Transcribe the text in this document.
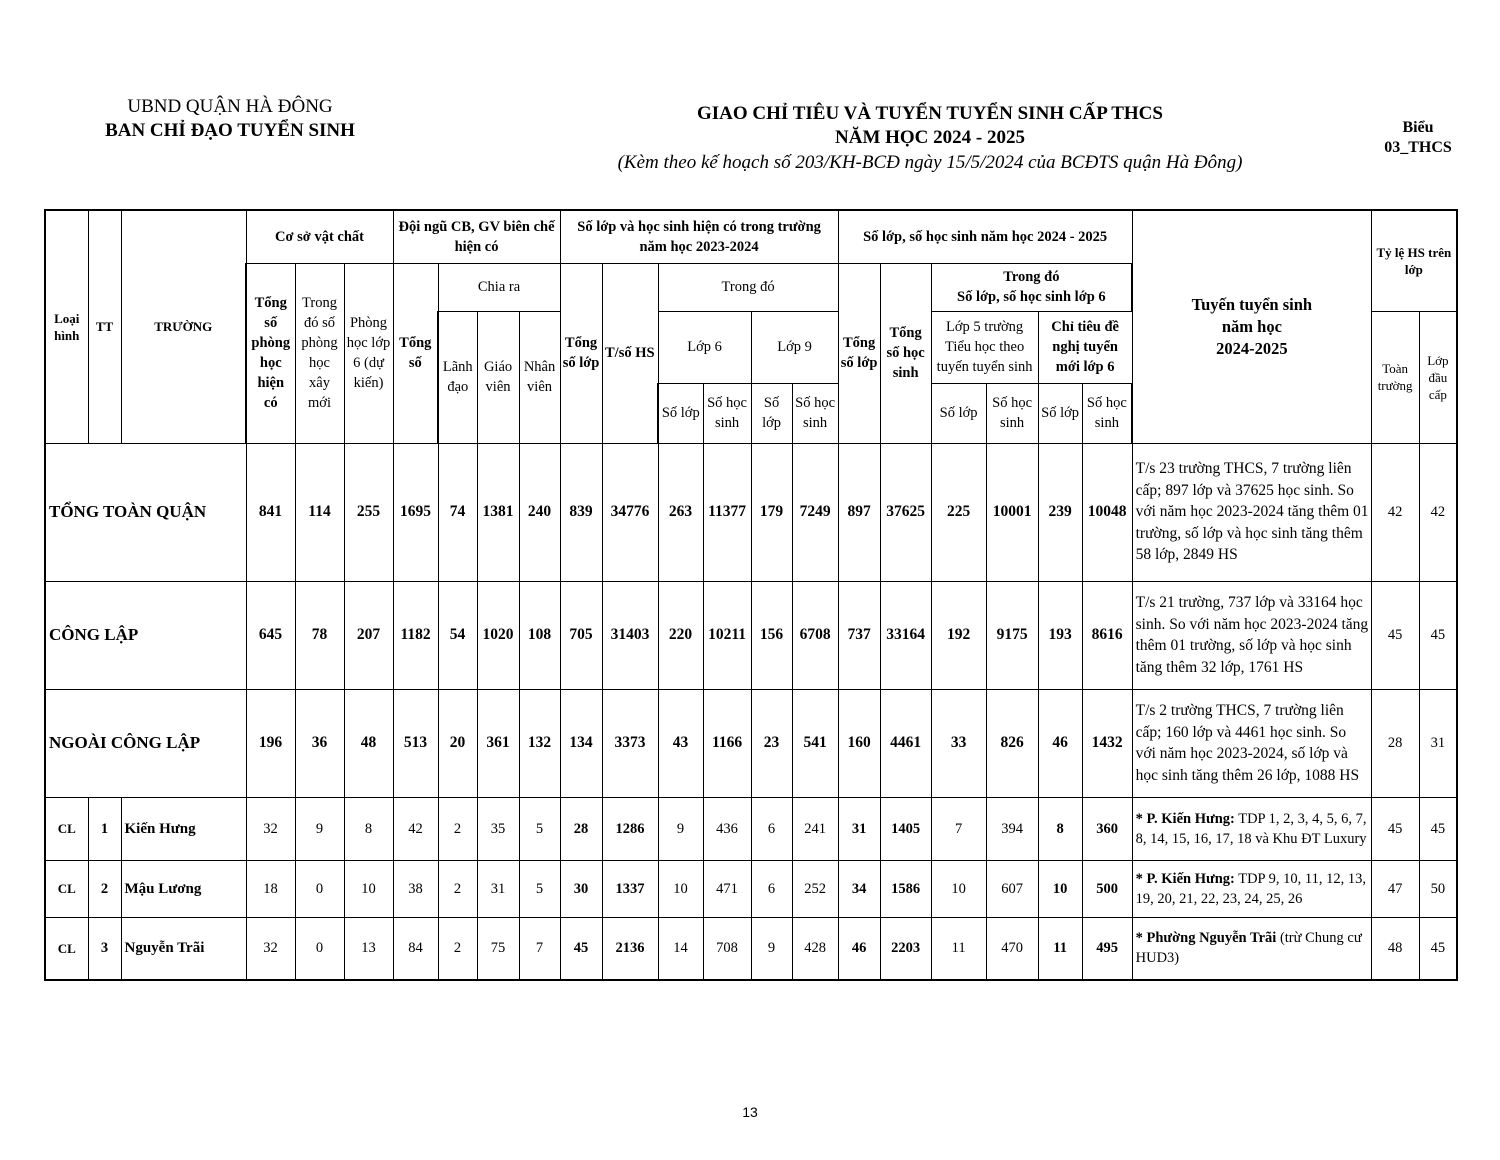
UBND QUẬN HÀ ĐÔNG
BAN CHỈ ĐẠO TUYỂN SINH
GIAO CHỈ TIÊU VÀ TUYỂN TUYỂN SINH CẤP THCS
NĂM HỌC 2024 - 2025
(Kèm theo kế hoạch số 203/KH-BCĐ ngày 15/5/2024 của BCĐTS quận Hà Đông)
Biểu
03_THCS
Loại hình	TT	TRƯỜNG	Cơ sở vật chất			Đội ngũ CB, GV biên chế hiện có				Số lớp và học sinh hiện có trong trường năm học 2023-2024						Số lớp, số học sinh năm học 2024 - 2025						Tuyến tuyển sinh
năm học
2024-2025	Tỷ lệ HS trên lớp	
			Tổng số phòng học hiện có	Trong đó số phòng học xây mới	Phòng học lớp 6 (dự kiến)	Tổng số	Chia ra			Tổng số lớp	T/số HS	Trong đó				Tổng số lớp	Tổng số học sinh	Trong đó
Số lớp, số học sinh lớp 6						

							Lãnh đạo	Giáo viên	Nhân viên			Lớp 6		Lớp 9				Lớp 5 trường Tiểu học theo tuyến tuyển sinh		Chỉ tiêu đề nghị tuyển mới lớp 6			Toàn trường	Lớp đầu cấp

												Số lớp	Số học sinh	Số lớp	Số học sinh			Số lớp	Số học sinh	Số lớp	Số học sinh			
TỔNG TOÀN QUẬN			841	114	255	1695	74	1381	240	839	34776	263	11377	179	7249	897	37625	225	10001	239	10048	T/s 23 trường THCS, 7 trường liên cấp; 897 lớp và 37625 học sinh. So với năm học 2023-2024 tăng thêm 01 trường, số lớp và học sinh tăng thêm 58 lớp, 2849 HS	42	42
CÔNG LẬP			645	78	207	1182	54	1020	108	705	31403	220	10211	156	6708	737	33164	192	9175	193	8616	T/s 21 trường, 737 lớp và 33164 học sinh. So với năm học 2023-2024 tăng thêm 01 trường, số lớp và học sinh tăng thêm 32 lớp, 1761 HS	45	45
NGOÀI CÔNG LẬP			196	36	48	513	20	361	132	134	3373	43	1166	23	541	160	4461	33	826	46	1432	T/s 2 trường THCS, 7 trường liên cấp; 160 lớp và 4461 học sinh. So với năm học 2023-2024, số lớp và học sinh tăng thêm 26 lớp, 1088 HS	28	31
CL	1	Kiến Hưng	32	9	8	42	2	35	5	28	1286	9	436	6	241	31	1405	7	394	8	360	* P. Kiến Hưng: TDP 1, 2, 3, 4, 5, 6, 7, 8, 14, 15, 16, 17, 18 và Khu ĐT Luxury	45	45
CL	2	Mậu Lương	18	0	10	38	2	31	5	30	1337	10	471	6	252	34	1586	10	607	10	500	* P. Kiến Hưng: TDP 9, 10, 11, 12, 13, 19, 20, 21, 22, 23, 24, 25, 26	47	50
CL	3	Nguyễn Trãi	32	0	13	84	2	75	7	45	2136	14	708	9	428	46	2203	11	470	11	495	* Phường Nguyễn Trãi (trừ Chung cư HUD3)	48	45
13
